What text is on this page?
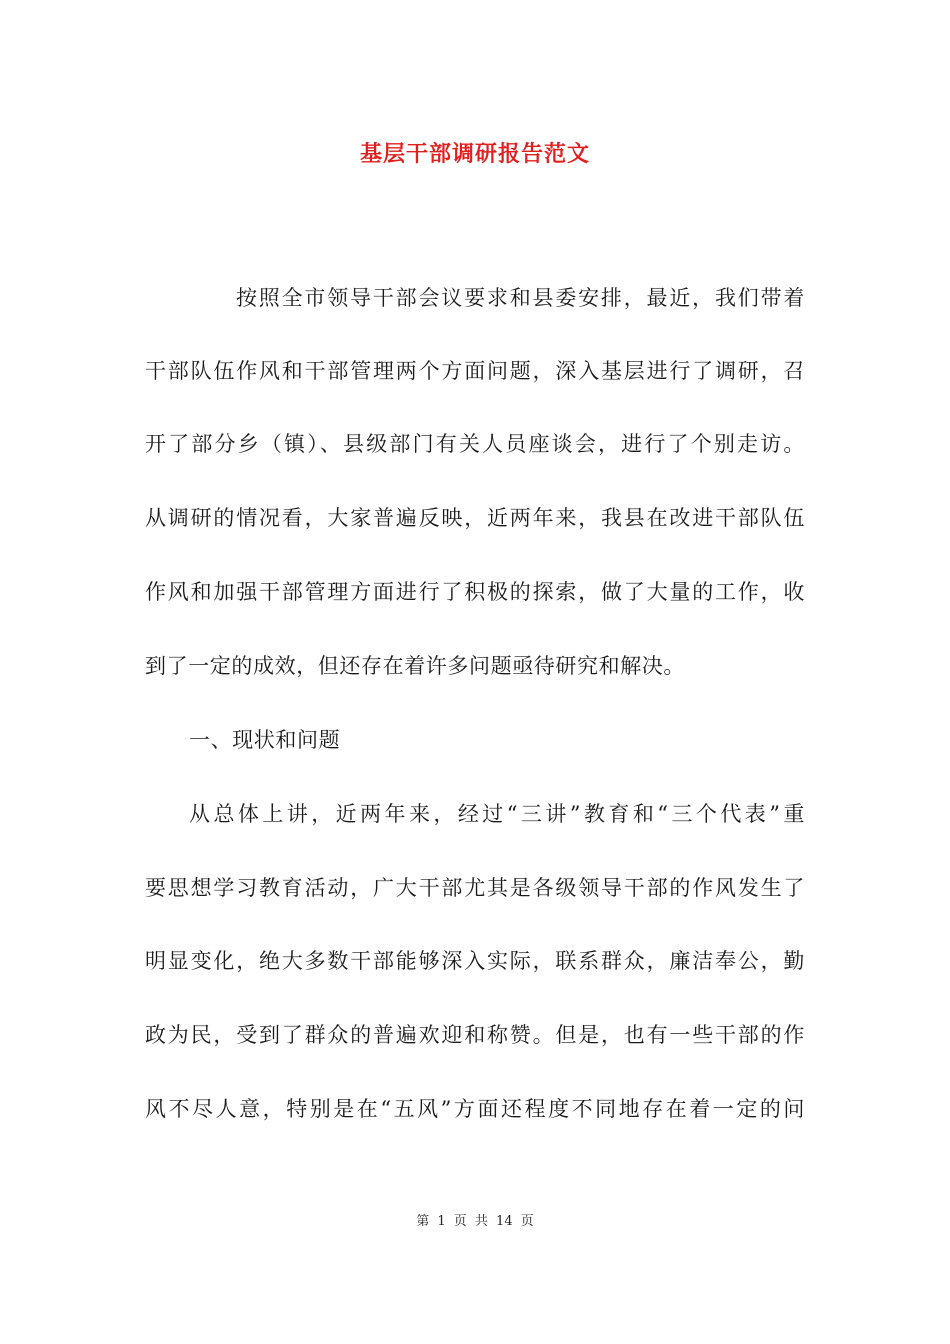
基层干部调研报告范文
按照全市领导干部会议要求和县委安排，最近，我们带着
干部队伍作风和干部管理两个方面问题，深入基层进行了调研，召
开了部分乡（镇）、县级部门有关人员座谈会，进行了个别走访。
从调研的情况看，大家普遍反映，近两年来，我县在改进干部队伍
作风和加强干部管理方面进行了积极的探索，做了大量的工作，收
到了一定的成效，但还存在着许多问题亟待研究和解决。
一、现状和问题
从总体上讲，近两年来，经过“三讲”教育和“三个代表”重
要思想学习教育活动，广大干部尤其是各级领导干部的作风发生了
明显变化，绝大多数干部能够深入实际，联系群众，廉洁奉公，勤
政为民，受到了群众的普遍欢迎和称赞。但是，也有一些干部的作
风不尽人意，特别是在“五风”方面还程度不同地存在着一定的问
第 1 页 共 14 页
